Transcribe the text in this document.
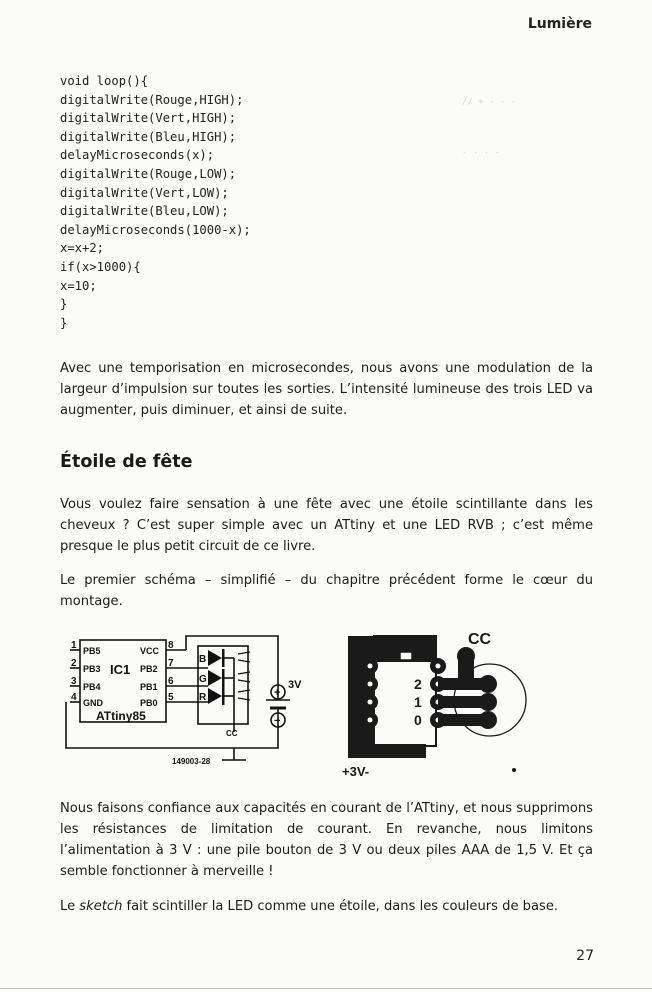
// + - - -

- - - -

Lumière
void loop(){
digitalWrite(Rouge,HIGH);
digitalWrite(Vert,HIGH);
digitalWrite(Bleu,HIGH);
delayMicroseconds(x);
digitalWrite(Rouge,LOW);
digitalWrite(Vert,LOW);
digitalWrite(Bleu,LOW);
delayMicroseconds(1000-x);
x=x+2;
if(x>1000){
x=10;
}
}

Avec une temporisation en microsecondes, nous avons une modulation de la largeur d’impulsion sur toutes les sorties. L’intensité lumineuse des trois LED va augmenter, puis diminuer, et ainsi de suite.

Étoile de fête

Vous voulez faire sensation à une fête avec une étoile scintillante dans les cheveux ? C’est super simple avec un ATtiny et une LED RVB ; c’est même presque le plus petit circuit de ce livre.

Le premier schéma – simplifié – du chapitre précédent forme le cœur du montage.

1
2
3
4
8
7
6
5
PB5
PB3
PB4
GND
VCC
PB2
PB1
PB0
IC1
ATtiny85
B
G
R
CC
+
−
3V
149003-28
2
1
0
CC
+3V-

Nous faisons confiance aux capacités en courant de l’ATtiny, et nous supprimons les résistances de limitation de courant. En revanche, nous limitons l’alimentation à 3 V : une pile bouton de 3 V ou deux piles AAA de 1,5 V. Et ça semble fonctionner à merveille !

Le sketch fait scintiller la LED comme une étoile, dans les couleurs de base.

27
